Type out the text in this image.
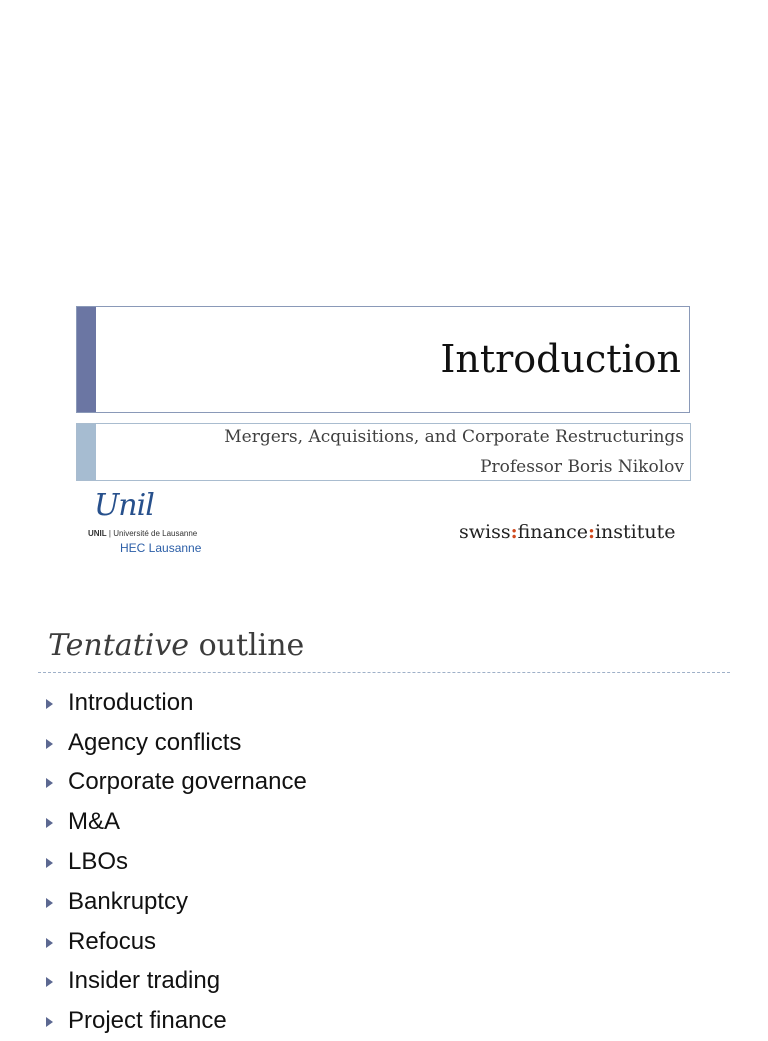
Introduction
Mergers, Acquisitions, and Corporate Restructurings
Professor Boris Nikolov
Unil
UNIL | Université de Lausanne
HEC Lausanne
swiss:finance:institute
Tentative outline
Introduction
Agency conflicts
Corporate governance
M&A
LBOs
Bankruptcy
Refocus
Insider trading
Project finance
